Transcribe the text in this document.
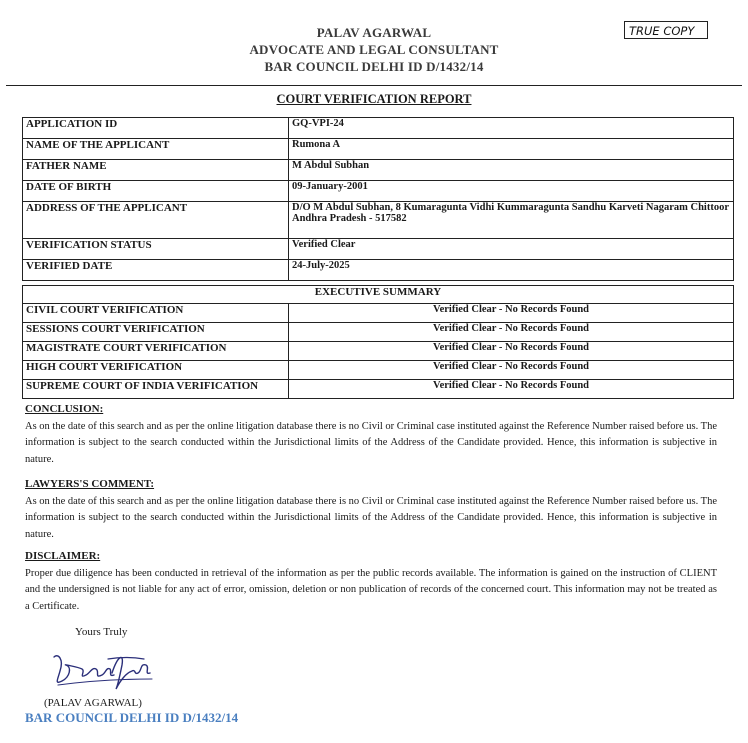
PALAV AGARWAL
ADVOCATE AND LEGAL CONSULTANT
BAR COUNCIL DELHI ID D/1432/14
TRUE COPY
COURT VERIFICATION REPORT
APPLICATION ID	GQ-VPI-24
NAME OF THE APPLICANT	Rumona A
FATHER NAME	M Abdul Subhan
DATE OF BIRTH	09-January-2001
ADDRESS OF THE APPLICANT	D/O M Abdul Subhan, 8 Kumaragunta Vidhi Kummaragunta Sandhu Karveti Nagaram Chittoor Andhra Pradesh - 517582
VERIFICATION STATUS	Verified Clear
VERIFIED DATE	24-July-2025
EXECUTIVE SUMMARY	
CIVIL COURT VERIFICATION	Verified Clear - No Records Found
SESSIONS COURT VERIFICATION	Verified Clear - No Records Found
MAGISTRATE COURT VERIFICATION	Verified Clear - No Records Found
HIGH COURT VERIFICATION	Verified Clear - No Records Found
SUPREME COURT OF INDIA VERIFICATION	Verified Clear - No Records Found
CONCLUSION:
As on the date of this search and as per the online litigation database there is no Civil or Criminal case instituted against the Reference Number raised before us. The information is subject to the search conducted within the Jurisdictional limits of the Address of the Candidate provided. Hence, this information is subjective in nature.
LAWYERS'S COMMENT:
As on the date of this search and as per the online litigation database there is no Civil or Criminal case instituted against the Reference Number raised before us. The information is subject to the search conducted within the Jurisdictional limits of the Address of the Candidate provided. Hence, this information is subjective in nature.
DISCLAIMER:
Proper due diligence has been conducted in retrieval of the information as per the public records available. The information is gained on the instruction of CLIENT and the undersigned is not liable for any act of error, omission, deletion or non publication of records of the concerned court. This information may not be treated as a Certificate.
Yours Truly
(PALAV AGARWAL)
BAR COUNCIL DELHI ID D/1432/14
